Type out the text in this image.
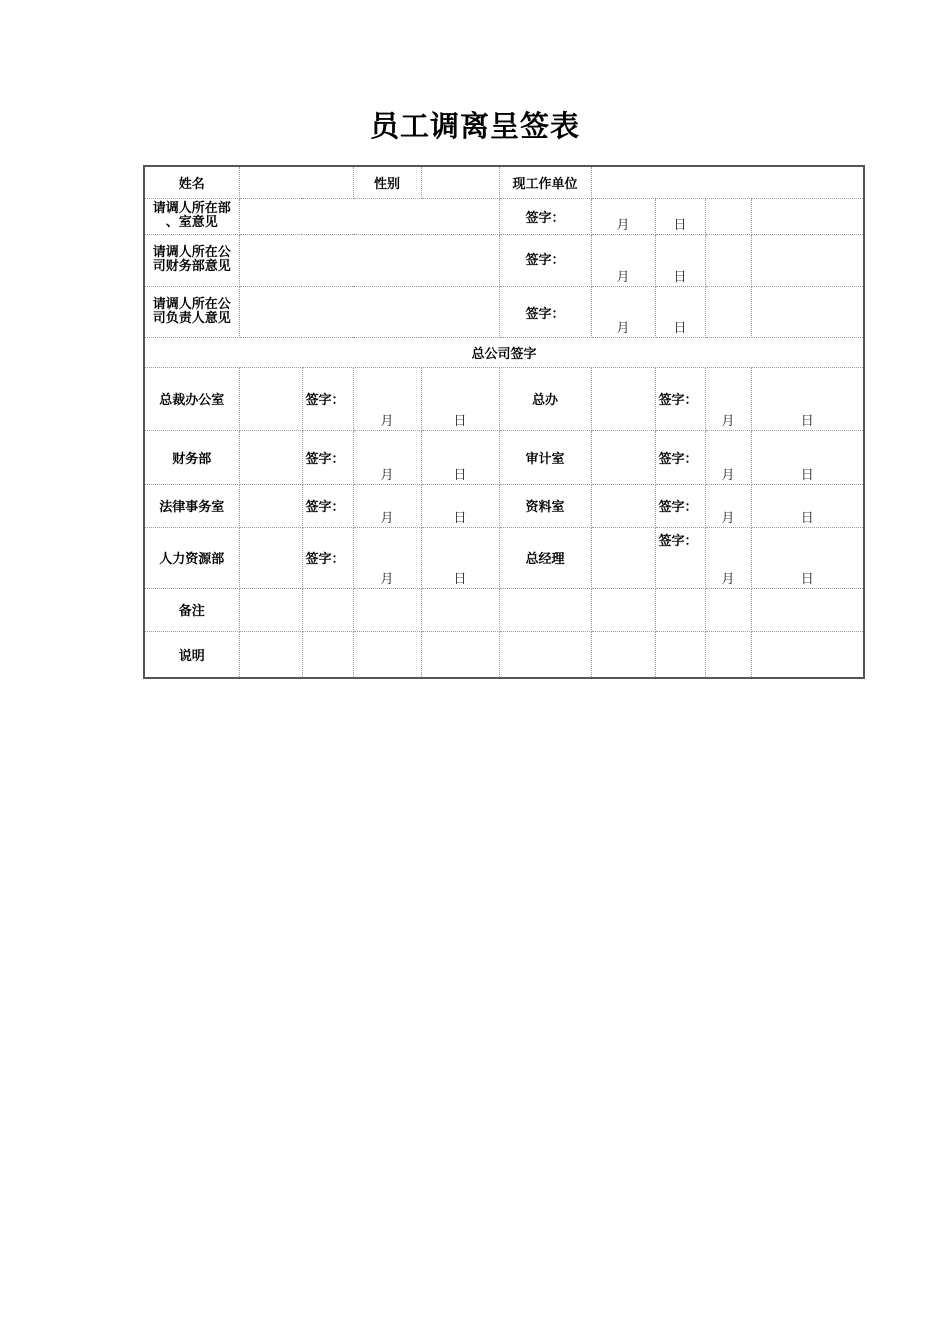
员工调离呈签表
姓名			性别		现工作单位				

请调人所在部
、室意见					签字：	月	日		

请调人所在公
司财务部意见					签字：	月	日		

请调人所在公
司负责人意见					签字：	月	日		
总公司签字									
总裁办公室		签字：	月	日	总办		签字：	月	日
财务部		签字：	月	日	审计室		签字：	月	日
法律事务室		签字：	月	日	资料室		签字：	月	日
人力资源部		签字：	月	日	总经理		签字：	月	日
备注									
说明									
